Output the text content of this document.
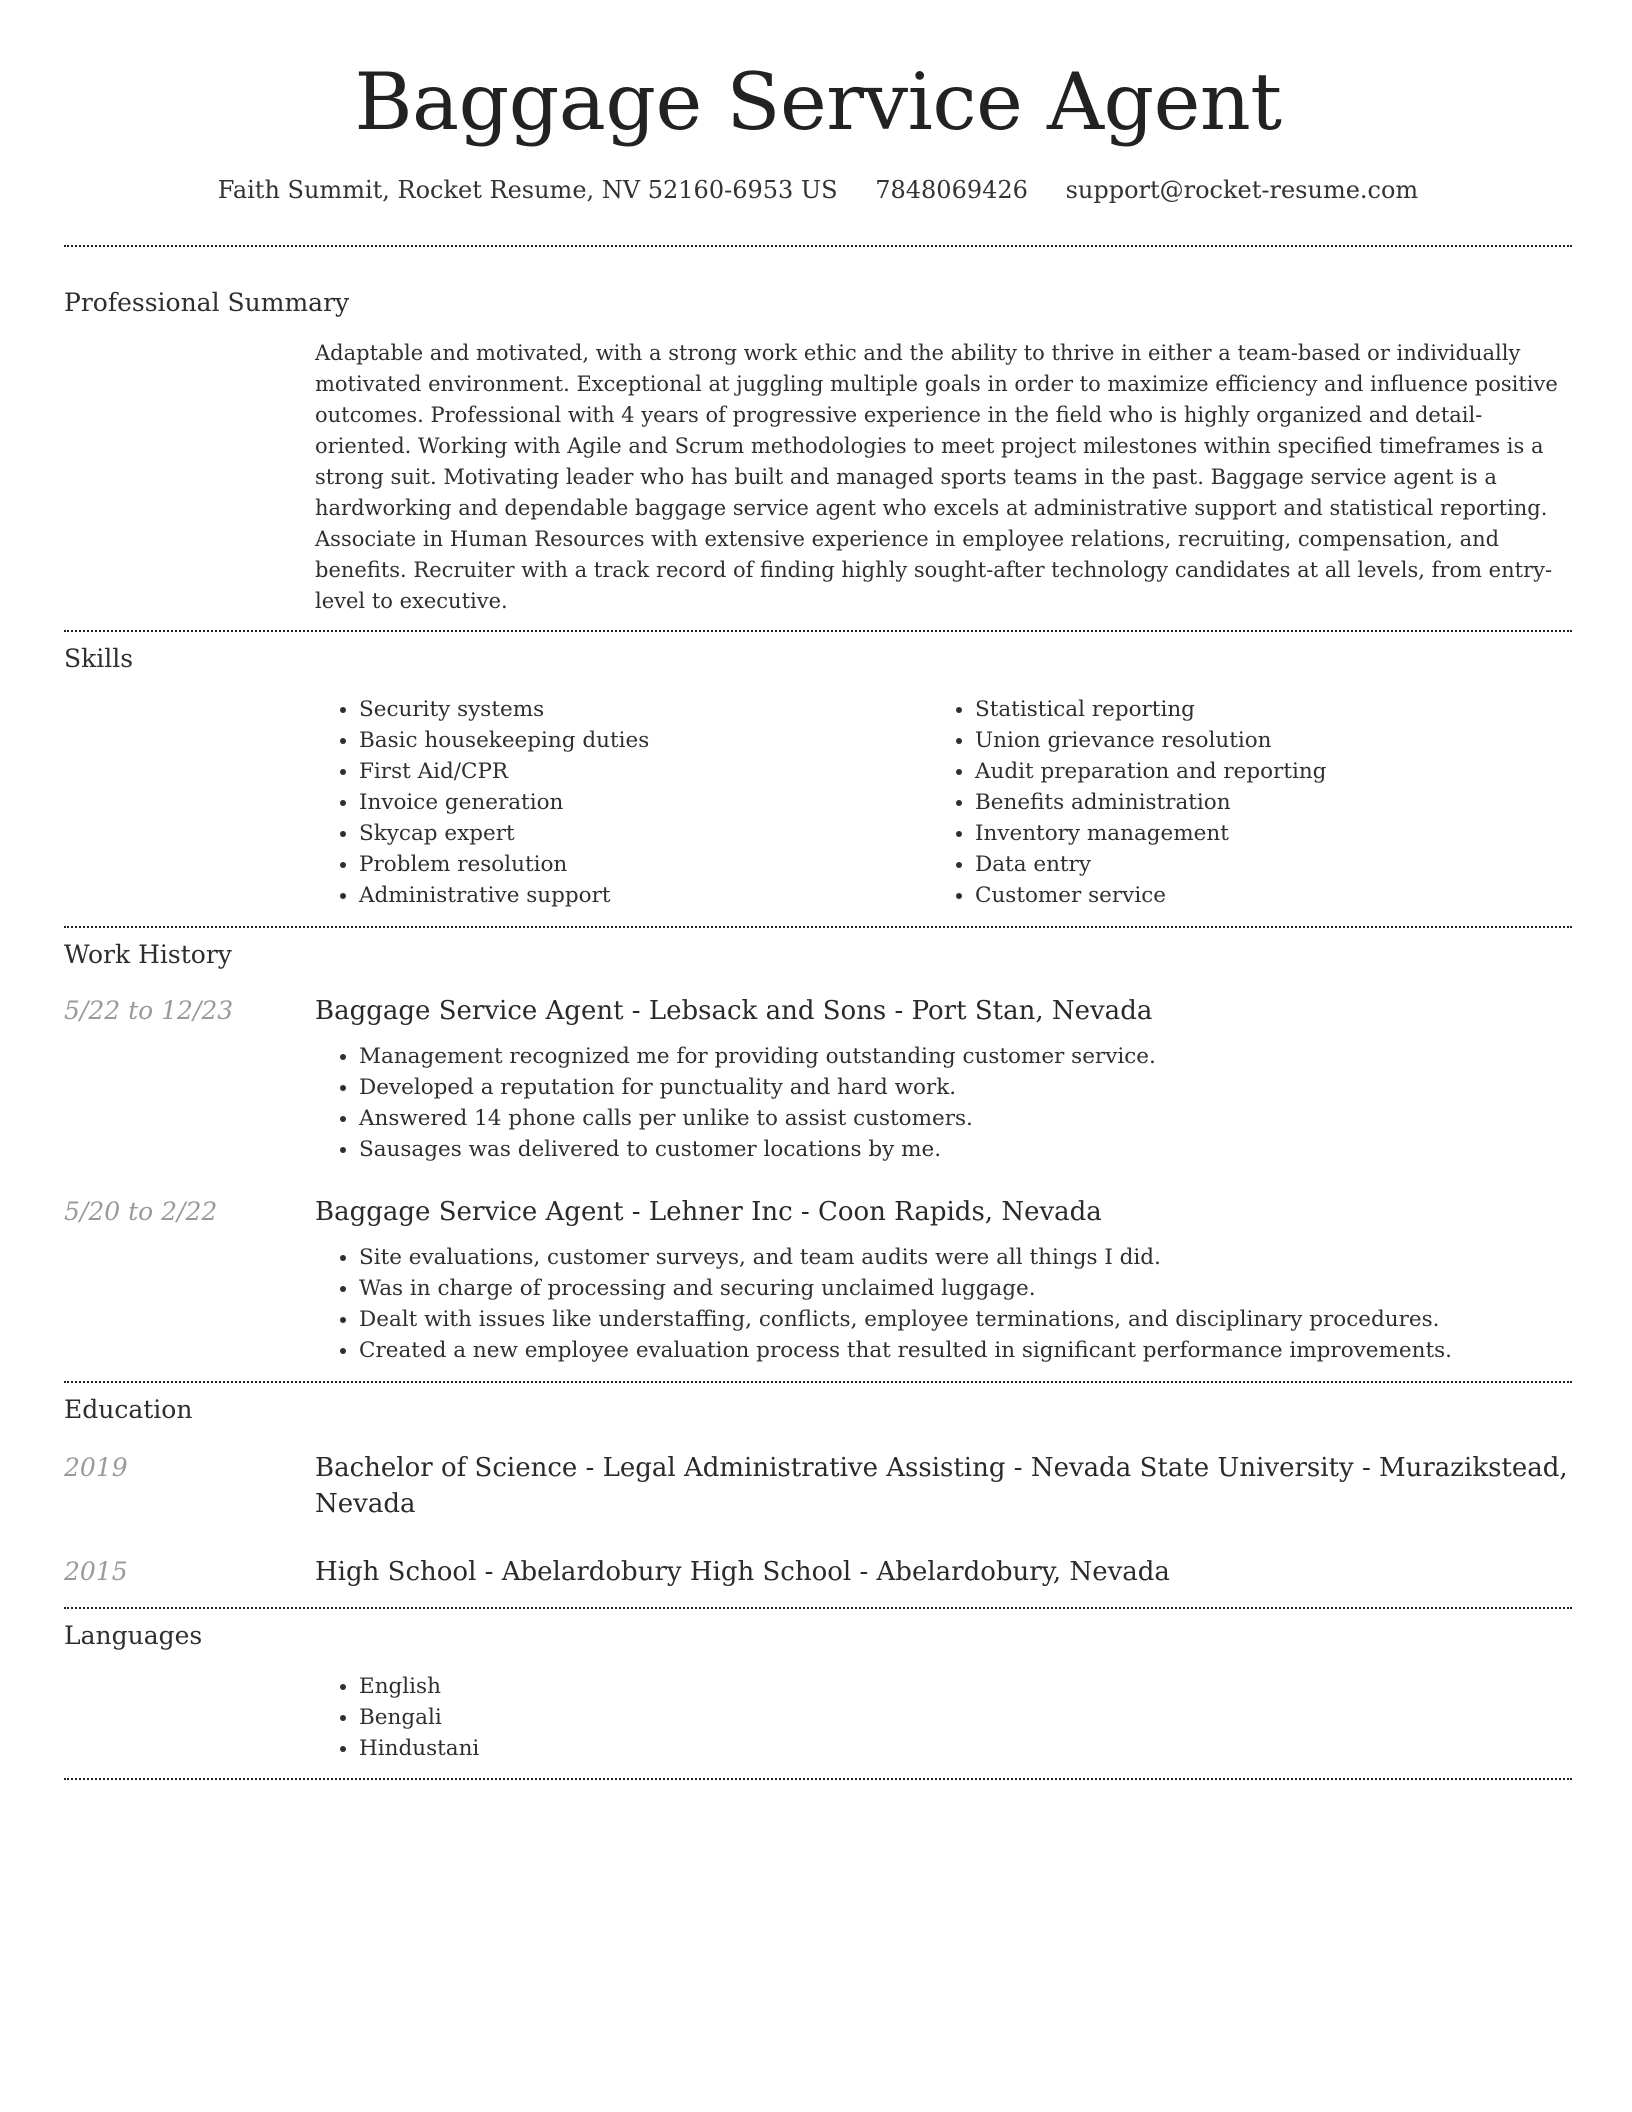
Baggage Service Agent
Faith Summit, Rocket Resume, NV 52160-6953 US 7848069426 support@rocket-resume.com
Professional Summary

Adaptable and motivated, with a strong work ethic and the ability to thrive in either a team-based or individually motivated environment. Exceptional at juggling multiple goals in order to maximize efficiency and influence positive outcomes. Professional with 4 years of progressive experience in the field who is highly organized and detail-oriented. Working with Agile and Scrum methodologies to meet project milestones within specified timeframes is a strong suit. Motivating leader who has built and managed sports teams in the past. Baggage service agent is a hardworking and dependable baggage service agent who excels at administrative support and statistical reporting. Associate in Human Resources with extensive experience in employee relations, recruiting, compensation, and benefits. Recruiter with a track record of finding highly sought-after technology candidates at all levels, from entry-level to executive.

Skills
• Security systems
• Basic housekeeping duties
• First Aid/CPR
• Invoice generation
• Skycap expert
• Problem resolution
• Administrative support
• Statistical reporting
• Union grievance resolution
• Audit preparation and reporting
• Benefits administration
• Inventory management
• Data entry
• Customer service
Work History
5/22 to 12/23	Baggage Service Agent - Lebsack and Sons - Port Stan, Nevada

• Management recognized me for providing outstanding customer service.
• Developed a reputation for punctuality and hard work.
• Answered 14 phone calls per unlike to assist customers.
• Sausages was delivered to customer locations by me.
5/20 to 2/22	Baggage Service Agent - Lehner Inc - Coon Rapids, Nevada

• Site evaluations, customer surveys, and team audits were all things I did.
• Was in charge of processing and securing unclaimed luggage.
• Dealt with issues like understaffing, conflicts, employee terminations, and disciplinary procedures.
• Created a new employee evaluation process that resulted in significant performance improvements.
Education
2019	Bachelor of Science - Legal Administrative Assisting - Nevada State University - Murazikstead, Nevada

2015	High School - Abelardobury High School - Abelardobury, Nevada

Languages
• English
• Bengali
• Hindustani
